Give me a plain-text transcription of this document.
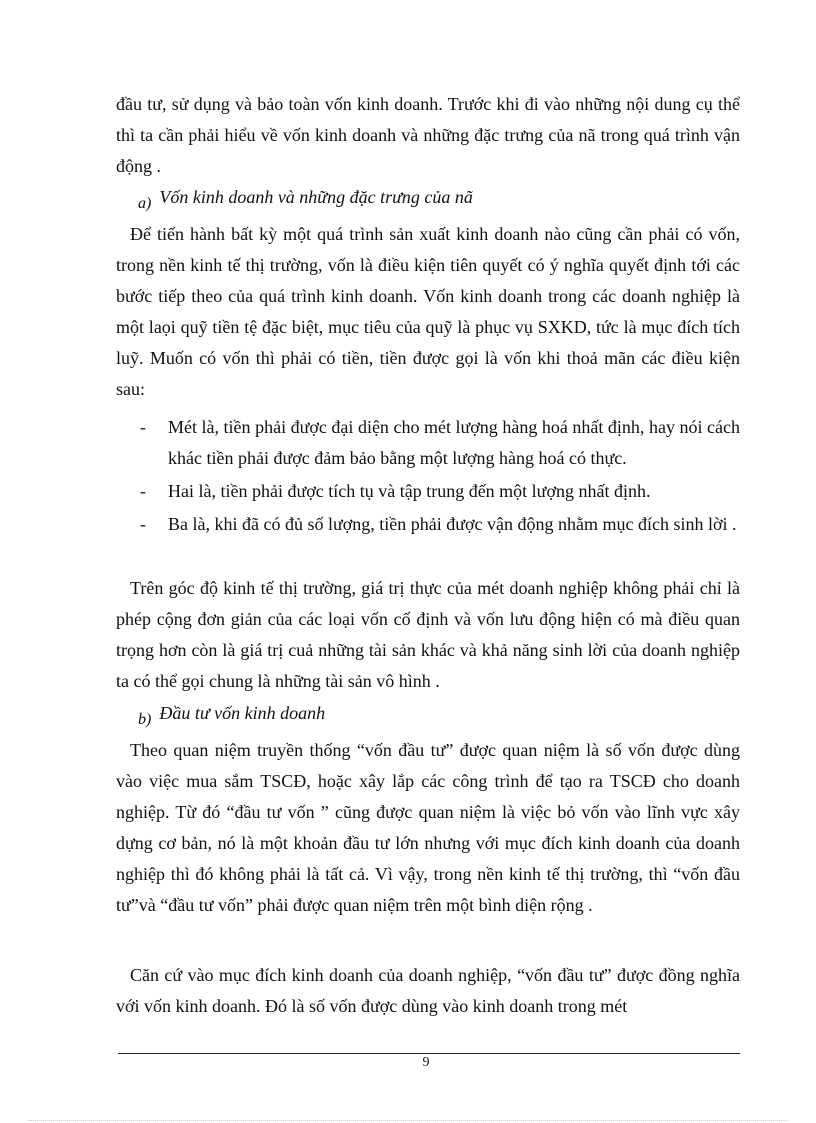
đầu tư, sử dụng và bảo toàn vốn kinh doanh. Trước khi đi vào những nội dung cụ thể thì ta cần phải hiểu về vốn kinh doanh và những đặc trưng của nã trong quá trình vận động .

a) Vốn kinh doanh và những đặc trưng của nã

Để tiến hành bất kỳ một quá trình sản xuất kinh doanh nào cũng cần phải có vốn, trong nền kinh tế thị trường, vốn là điều kiện tiên quyết có ý nghĩa quyết định tới các bước tiếp theo của quá trình kinh doanh. Vốn kinh doanh trong các doanh nghiệp là một laọi quỹ tiền tệ đặc biệt, mục tiêu của quỹ là phục vụ SXKD, tức là mục đích tích luỹ. Muốn có vốn thì phải có tiền, tiền được gọi là vốn khi thoả mãn các điều kiện sau:

- Mét là, tiền phải được đại diện cho mét lượng hàng hoá nhất định, hay nói cách khác tiền phải được đảm bảo bằng một lượng hàng hoá có thực.
- Hai là, tiền phải được tích tụ và tập trung đến một lượng nhất định.
- Ba là, khi đã có đủ số lượng, tiền phải được vận động nhằm mục đích sinh lời .

Trên góc độ kinh tế thị trường, giá trị thực của mét doanh nghiệp không phải chỉ là phép cộng đơn giản của các loại vốn cố định và vốn lưu động hiện có mà điều quan trọng hơn còn là giá trị cuả những tài sản khác và khả năng sinh lời của doanh nghiệp ta có thể gọi chung là những tài sản vô hình .

b) Đầu tư vốn kinh doanh

Theo quan niệm truyền thống “vốn đầu tư” được quan niệm là số vốn được dùng vào việc mua sắm TSCĐ, hoặc xây lắp các công trình để tạo ra TSCĐ cho doanh nghiệp. Từ đó “đầu tư vốn ” cũng được quan niệm là việc bỏ vốn vào lĩnh vực xây dựng cơ bản, nó là một khoản đầu tư lớn nhưng với mục đích kinh doanh của doanh nghiệp thì đó không phải là tất cả. Vì vậy, trong nền kinh tế thị trường, thì “vốn đầu tư”và “đầu tư vốn” phải được quan niệm trên một bình diện rộng .

Căn cứ vào mục đích kinh doanh của doanh nghiệp, “vốn đầu tư” được đồng nghĩa với vốn kinh doanh. Đó là số vốn được dùng vào kinh doanh trong mét

9
